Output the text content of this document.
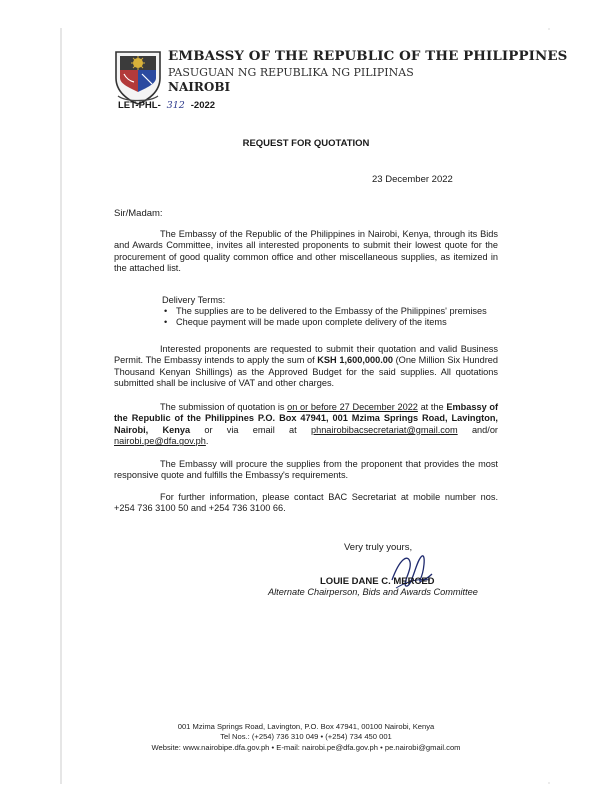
EMBASSY OF THE REPUBLIC OF THE PHILIPPINES
PASUGUAN NG REPUBLIKA NG PILIPINAS
NAIROBI
LET-PHL- 312 -2022
REQUEST FOR QUOTATION
23 December 2022
Sir/Madam:
The Embassy of the Republic of the Philippines in Nairobi, Kenya, through its Bids and Awards Committee, invites all interested proponents to submit their lowest quote for the procurement of good quality common office and other miscellaneous supplies, as itemized in the attached list.
Delivery Terms:
• The supplies are to be delivered to the Embassy of the Philippines' premises
• Cheque payment will be made upon complete delivery of the items
Interested proponents are requested to submit their quotation and valid Business Permit. The Embassy intends to apply the sum of KSH 1,600,000.00 (One Million Six Hundred Thousand Kenyan Shillings) as the Approved Budget for the said supplies. All quotations submitted shall be inclusive of VAT and other charges.
The submission of quotation is on or before 27 December 2022 at the Embassy of the Republic of the Philippines P.O. Box 47941, 001 Mzima Springs Road, Lavington, Nairobi, Kenya or via email at phnairobibacsecretariat@gmail.com and/or nairobi.pe@dfa.gov.ph.
The Embassy will procure the supplies from the proponent that provides the most responsive quote and fulfills the Embassy's requirements.
For further information, please contact BAC Secretariat at mobile number nos. +254 736 3100 50 and +254 736 3100 66.
Very truly yours,
LOUIE DANE C. MERCED
Alternate Chairperson, Bids and Awards Committee
001 Mzima Springs Road, Lavington, P.O. Box 47941, 00100 Nairobi, Kenya
Tel Nos.: (+254) 736 310 049 • (+254) 734 450 001
Website: www.nairobipe.dfa.gov.ph • E-mail: nairobi.pe@dfa.gov.ph • pe.nairobi@gmail.com
